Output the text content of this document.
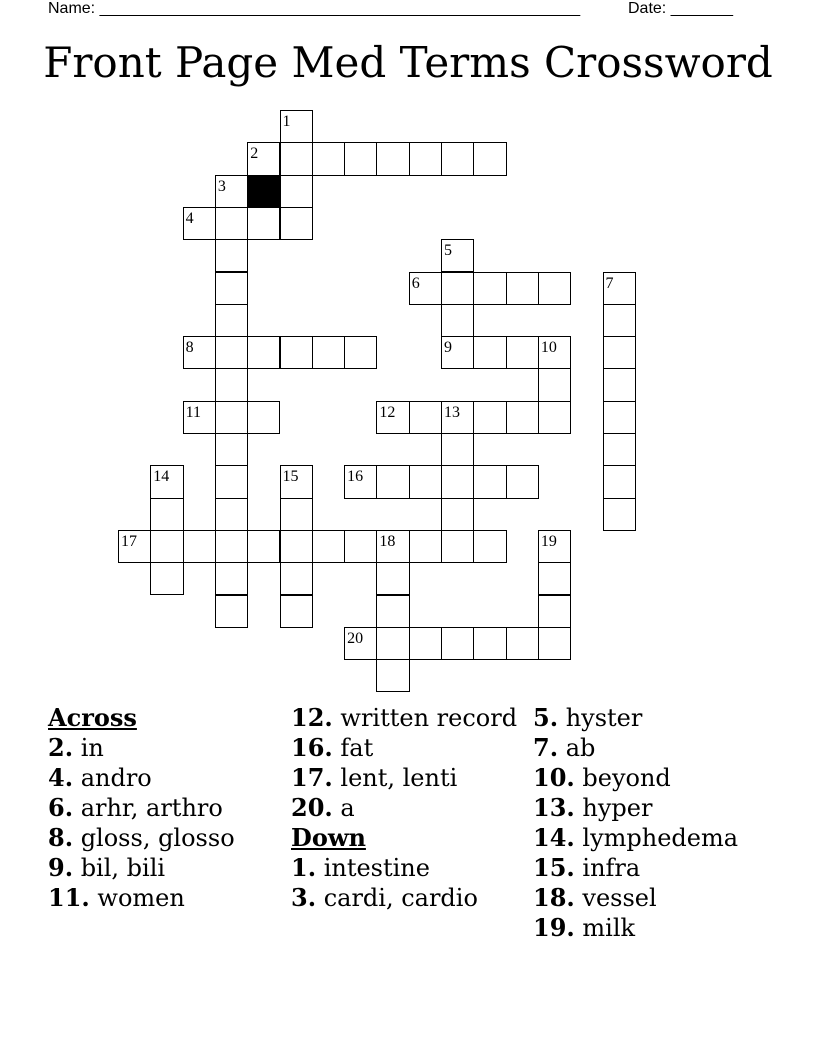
Name: ______________________________________________________	Date: _______
Front Page Med Terms Crossword
1
2
3
4
5
6	7
8	9	10
11	12	13
14	15	16
17	18	19
20
Across
2. in
4. andro
6. arhr, arthro
8. gloss, glosso
9. bil, bili
11. women
12. written record
16. fat
17. lent, lenti
20. a
Down
1. intestine
3. cardi, cardio
5. hyster
7. ab
10. beyond
13. hyper
14. lymphedema
15. infra
18. vessel
19. milk
